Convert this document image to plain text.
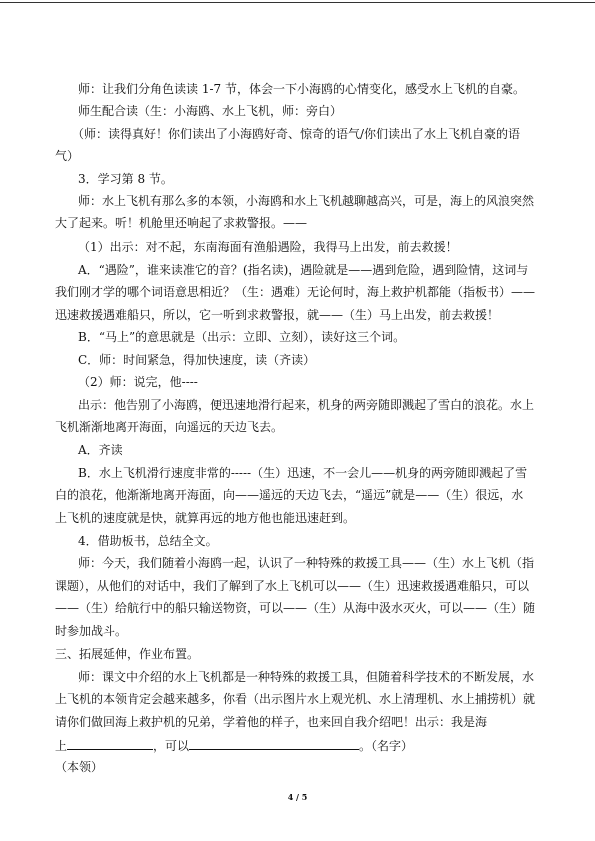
师：让我们分角色读读 1-7 节，体会一下小海鸥的心情变化，感受水上飞机的自豪。
师生配合读（生：小海鸥、水上飞机，师：旁白）
（师：读得真好！你们读出了小海鸥好奇、惊奇的语气/你们读出了水上飞机自豪的语
气）
3．学习第 8 节。
师：水上飞机有那么多的本领，小海鸥和水上飞机越聊越高兴，可是，海上的风浪突然
大了起来。听！机舱里还响起了求救警报。——
（1）出示：对不起，东南海面有渔船遇险，我得马上出发，前去救援！
A．“遇险”，谁来读准它的音？(指名读)，遇险就是——遇到危险，遇到险情，这词与
我们刚才学的哪个词语意思相近？（生：遇难）无论何时，海上救护机都能（指板书）——
迅速救援遇难船只，所以，它一听到求救警报，就——（生）马上出发，前去救援！
B．“马上”的意思就是（出示：立即、立刻），读好这三个词。
C．师：时间紧急，得加快速度，读（齐读）
（2）师：说完，他----
出示：他告别了小海鸥，便迅速地滑行起来，机身的两旁随即溅起了雪白的浪花。水上
飞机渐渐地离开海面，向遥远的天边飞去。
A．齐读
B．水上飞机滑行速度非常的-----（生）迅速，不一会儿——机身的两旁随即溅起了雪
白的浪花，他渐渐地离开海面，向——遥远的天边飞去，“遥远”就是——（生）很远，水
上飞机的速度就是快，就算再远的地方他也能迅速赶到。
4．借助板书，总结全文。
师：今天，我们随着小海鸥一起，认识了一种特殊的救援工具——（生）水上飞机（指
课题），从他们的对话中，我们了解到了水上飞机可以——（生）迅速救援遇难船只，可以
——（生）给航行中的船只输送物资，可以——（生）从海中汲水灭火，可以——（生）随
时参加战斗。
三、拓展延伸，作业布置。
师：课文中介绍的水上飞机都是一种特殊的救援工具，但随着科学技术的不断发展，水
上飞机的本领肯定会越来越多，你看（出示图片水上观光机、水上清理机、水上捕捞机）就
请你们做回海上救护机的兄弟，学着他的样子，也来回自我介绍吧！出示：我是海
上	，可以	。（名字）
（本领）
4 / 5
